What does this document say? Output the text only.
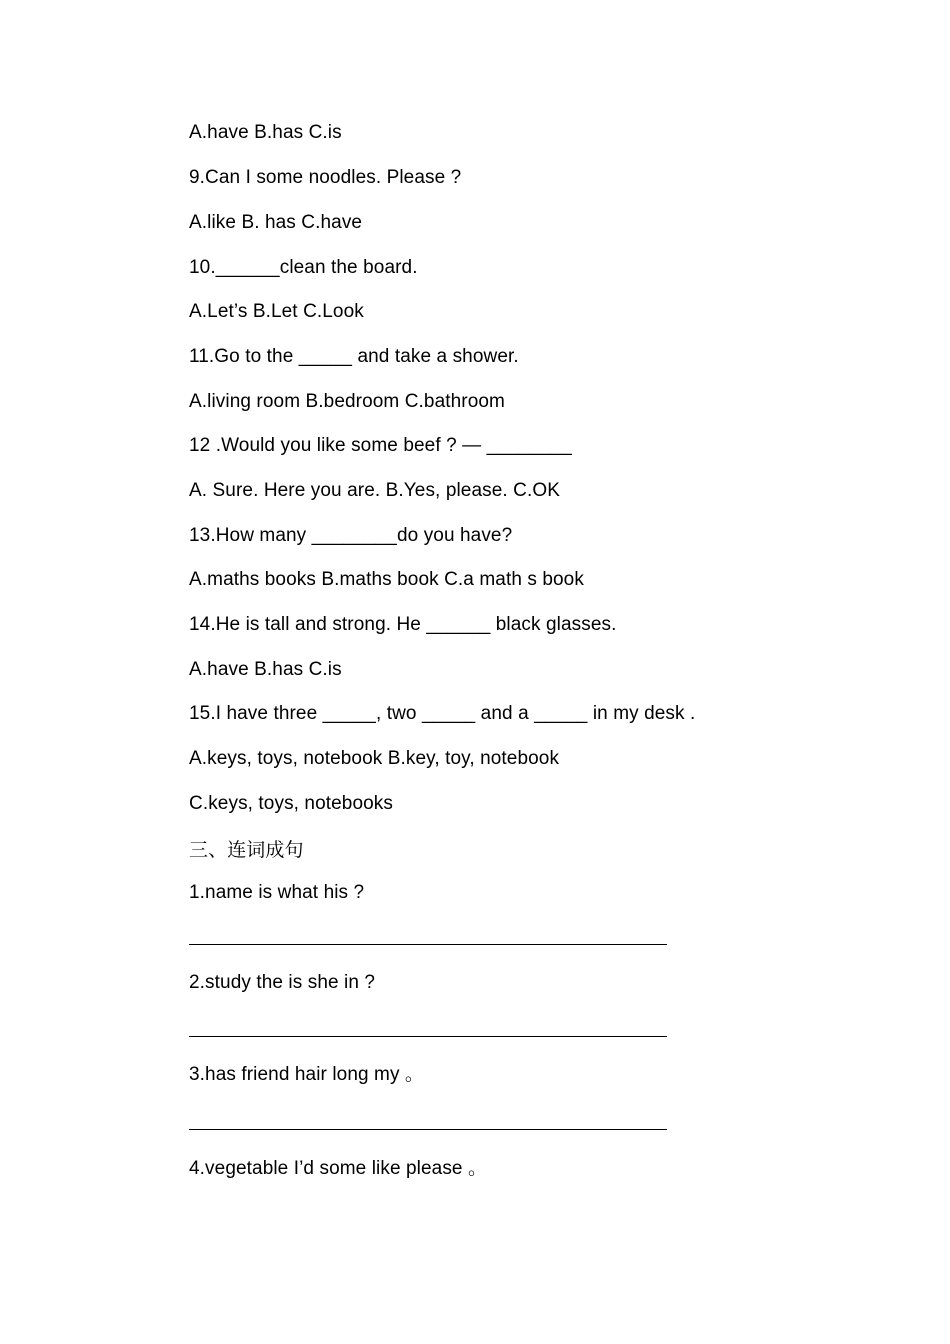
A.have B.has C.is
9.Can I some noodles. Please ?
A.like B. has C.have
10.______clean the board.
A.Let’s B.Let C.Look
11.Go to the _____ and take a shower.
A.living room B.bedroom C.bathroom
12 .Would you like some beef ? — ________
A. Sure. Here you are. B.Yes, please. C.OK
13.How many ________do you have?
A.maths books B.maths book C.a math s book
14.He is tall and strong. He ______ black glasses.
A.have B.has C.is
15.I have three _____, two _____ and a _____ in my desk .
A.keys, toys, notebook B.key, toy, notebook
C.keys, toys, notebooks
三、连词成句
1.name is what his ?
2.study the is she in ?
3.has friend hair long my 。
4.vegetable I’d some like please 。
